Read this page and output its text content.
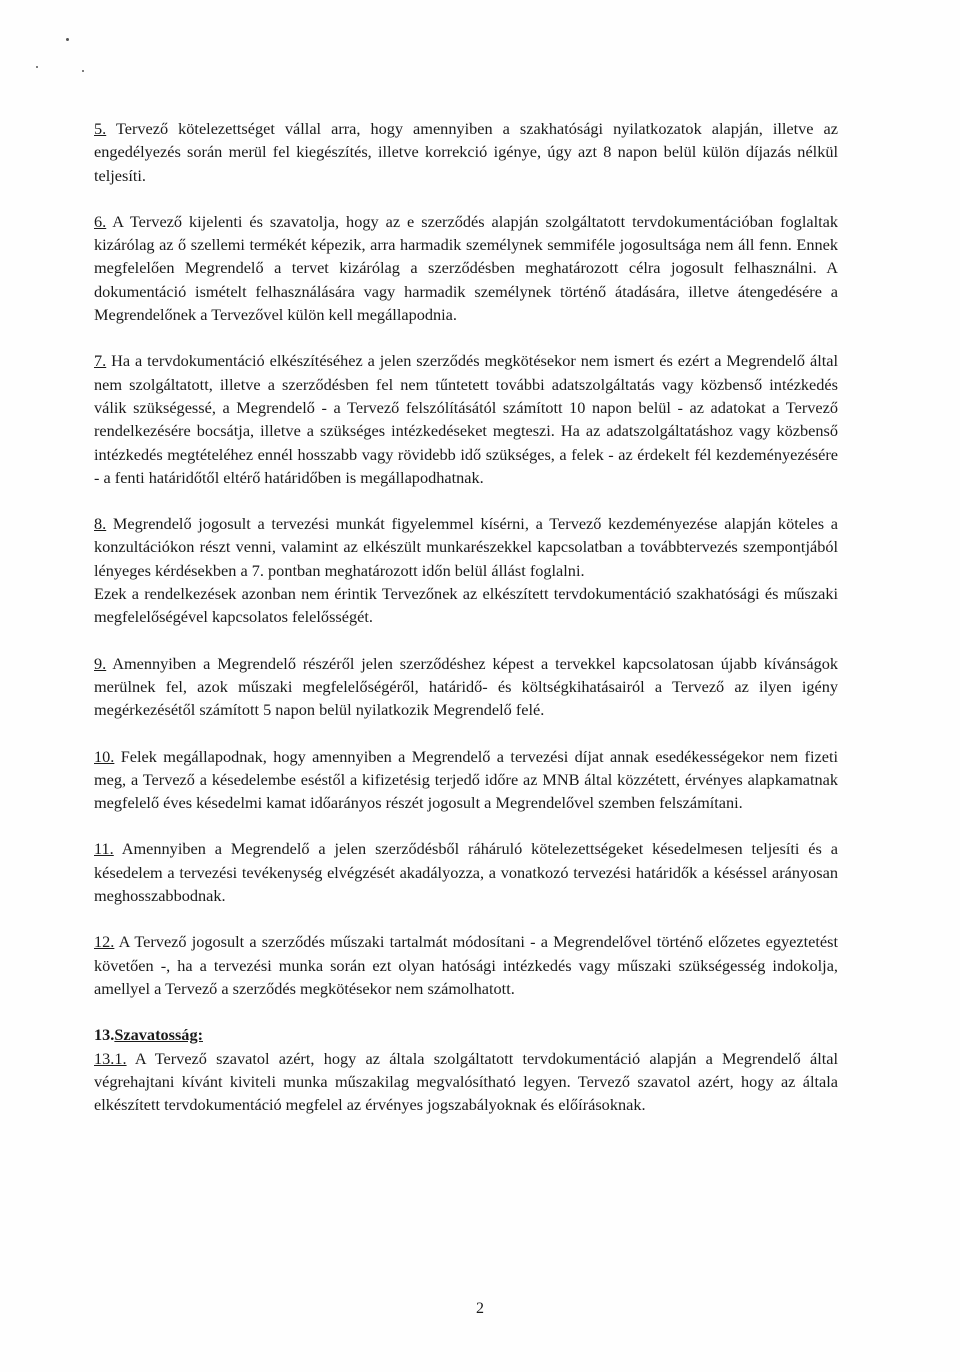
5. Tervező kötelezettséget vállal arra, hogy amennyiben a szakhatósági nyilatkozatok alapján, illetve az engedélyezés során merül fel kiegészítés, illetve korrekció igénye, úgy azt 8 napon belül külön díjazás nélkül teljesíti.

6. A Tervező kijelenti és szavatolja, hogy az e szerződés alapján szolgáltatott tervdokumentációban foglaltak kizárólag az ő szellemi termékét képezik, arra harmadik személynek semmiféle jogosultsága nem áll fenn. Ennek megfelelően Megrendelő a tervet kizárólag a szerződésben meghatározott célra jogosult felhasználni. A dokumentáció ismételt felhasználására vagy harmadik személynek történő átadására, illetve átengedésére a Megrendelőnek a Tervezővel külön kell megállapodnia.

7. Ha a tervdokumentáció elkészítéséhez a jelen szerződés megkötésekor nem ismert és ezért a Megrendelő által nem szolgáltatott, illetve a szerződésben fel nem tűntetett további adatszolgáltatás vagy közbenső intézkedés válik szükségessé, a Megrendelő - a Tervező felszólításától számított 10 napon belül - az adatokat a Tervező rendelkezésére bocsátja, illetve a szükséges intézkedéseket megteszi. Ha az adatszolgáltatáshoz vagy közbenső intézkedés megtételéhez ennél hosszabb vagy rövidebb idő szükséges, a felek - az érdekelt fél kezdeményezésére - a fenti határidőtől eltérő határidőben is megállapodhatnak.

8. Megrendelő jogosult a tervezési munkát figyelemmel kísérni, a Tervező kezdeményezése alapján köteles a konzultációkon részt venni, valamint az elkészült munkarészekkel kapcsolatban a továbbtervezés szempontjából lényeges kérdésekben a 7. pontban meghatározott időn belül állást foglalni.

Ezek a rendelkezések azonban nem érintik Tervezőnek az elkészített tervdokumentáció szakhatósági és műszaki megfelelőségével kapcsolatos felelősségét.

9. Amennyiben a Megrendelő részéről jelen szerződéshez képest a tervekkel kapcsolatosan újabb kívánságok merülnek fel, azok műszaki megfelelőségéről, határidő- és költségkihatásairól a Tervező az ilyen igény megérkezésétől számított 5 napon belül nyilatkozik Megrendelő felé.

10. Felek megállapodnak, hogy amennyiben a Megrendelő a tervezési díjat annak esedékességekor nem fizeti meg, a Tervező a késedelembe eséstől a kifizetésig terjedő időre az MNB által közzétett, érvényes alapkamatnak megfelelő éves késedelmi kamat időarányos részét jogosult a Megrendelővel szemben felszámítani.

11. Amennyiben a Megrendelő a jelen szerződésből ráháruló kötelezettségeket késedelmesen teljesíti és a késedelem a tervezési tevékenység elvégzését akadályozza, a vonatkozó tervezési határidők a késéssel arányosan meghosszabbodnak.

12. A Tervező jogosult a szerződés műszaki tartalmát módosítani - a Megrendelővel történő előzetes egyeztetést követően -, ha a tervezési munka során ezt olyan hatósági intézkedés vagy műszaki szükségesség indokolja, amellyel a Tervező a szerződés megkötésekor nem számolhatott.

13.Szavatosság:

13.1. A Tervező szavatol azért, hogy az általa szolgáltatott tervdokumentáció alapján a Megrendelő által végrehajtani kívánt kiviteli munka műszakilag megvalósítható legyen. Tervező szavatol azért, hogy az általa elkészített tervdokumentáció megfelel az érvényes jogszabályoknak és előírásoknak.

2
